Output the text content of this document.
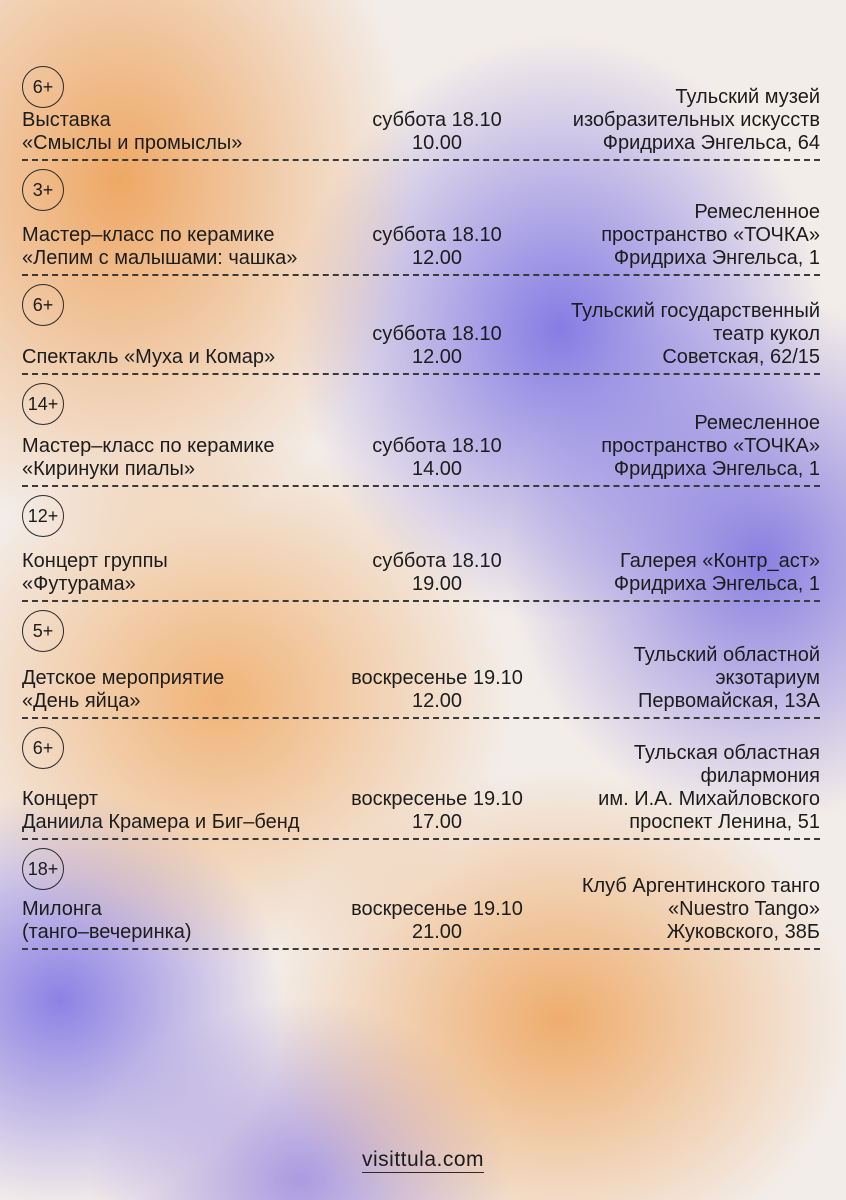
6+
Выставка
«Смыслы и промыслы»
суббота 18.10
10.00
Тульский музей
изобразительных искусств
Фридриха Энгельса, 64
3+
Мастер–класс по керамике
«Лепим с малышами: чашка»
суббота 18.10
12.00
Ремесленное
пространство «ТОЧКА»
Фридриха Энгельса, 1
6+
Спектакль «Муха и Комар»
суббота 18.10
12.00
Тульский государственный
театр кукол
Советская, 62/15
14+
Мастер–класс по керамике
«Киринуки пиалы»
суббота 18.10
14.00
Ремесленное
пространство «ТОЧКА»
Фридриха Энгельса, 1
12+
Концерт группы
«Футурама»
суббота 18.10
19.00
Галерея «Контр_аст»
Фридриха Энгельса, 1
5+
Детское мероприятие
«День яйца»
воскресенье 19.10
12.00
Тульский областной
экзотариум
Первомайская, 13А
6+
Концерт
Даниила Крамера и Биг–бенд
воскресенье 19.10
17.00
Тульская областная
филармония
им. И.А. Михайловского
проспект Ленина, 51
18+
Милонга
(танго–вечеринка)
воскресенье 19.10
21.00
Клуб Аргентинского танго
«Nuestro Tango»
Жуковского, 38Б
visittula.com
